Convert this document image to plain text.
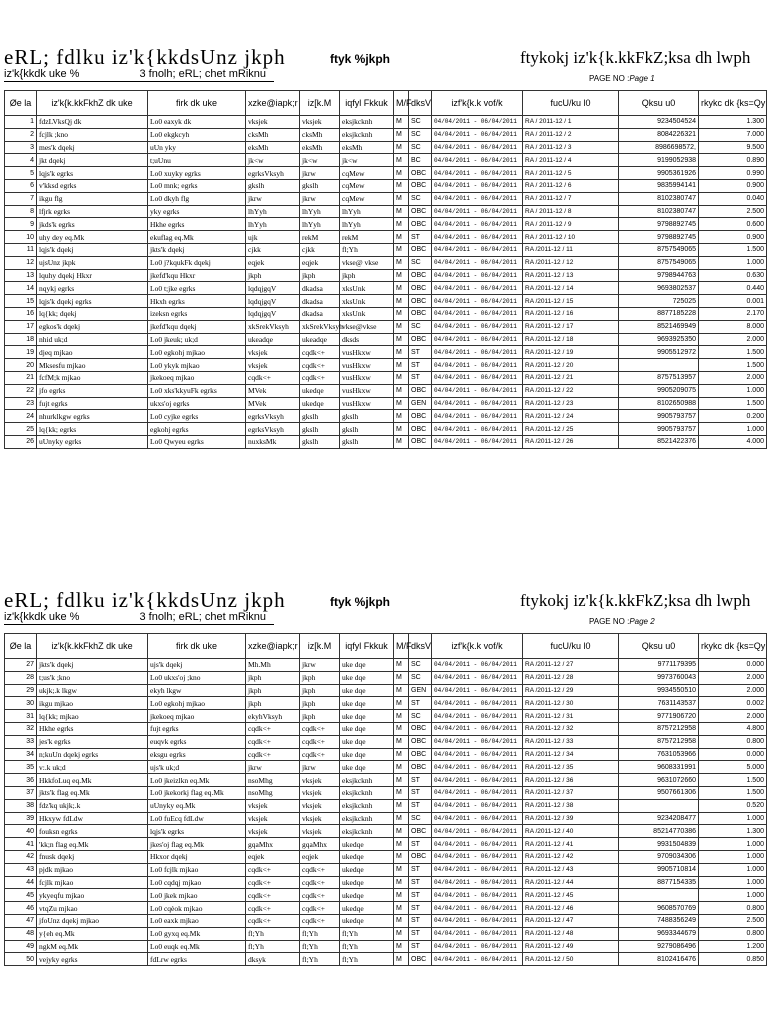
eRL; fdlku iz'k{kkdsUnz jkph
iz'k{kkdk uke %	3 fnolh; eRL; chet mRiknu
ftyk %jkph	ftykokj iz'k{k.kkFkZ;ksa dh lwph
PAGE NO :Page 1
Øe la	iz'k{k.kkFkhZ dk uke	firk dk uke	xzke@iapk;r	iz[k.M	iqfyl Fkkuk	M/F	dksV	izf'k{k.k vof/k	fucU/ku l0	Qksu u0	rkykc dk {ks=Qy
1	fdzLVksQj dk	Lo0 eaxyk dk	vksjek	vksjek	eksjkcknh	M	SC	04/04/2011 - 06/04/2011	RA / 2011-12 / 1	9234504524	1.300
2	fcjlk ;kno	Lo0 ekgkcyh	cksMh	cksMh	eksjkcknh	M	SC	04/04/2011 - 06/04/2011	RA / 2011-12 / 2	8084226321	7.000
3	mes'k dqekj	uUn yky	eksMh	eksMh	eksMh	M	SC	04/04/2011 - 06/04/2011	RA / 2011-12 / 3	8986698572,	9.500
4	jkt dqekj	t;uUnu	jk<w	jk<w	jk<w	M	BC	04/04/2011 - 06/04/2011	RA / 2011-12 / 4	9199052938	0.890
5	lqjs'k egrks	Lo0 xuyky egrks	egrksVksyh	jkrw	cqMew	M	OBC	04/04/2011 - 06/04/2011	RA / 2011-12 / 5	9905361926	0.990
6	v'kksd egrks	Lo0 mnk; egrks	gkslh	gkslh	cqMew	M	OBC	04/04/2011 - 06/04/2011	RA / 2011-12 / 6	9835994141	0.900
7	ikgu flg	Lo0 dkyh flg	jkrw	jkrw	cqMew	M	SC	04/04/2011 - 06/04/2011	RA / 2011-12 / 7	8102380747	0.040
8	lfjrk egrks	yky egrks	lhYyh	lhYyh	lhYyh	M	OBC	04/04/2011 - 06/04/2011	RA / 2011-12 / 8	8102380747	2.500
9	jkds'k egrks	Hkhe egrks	lhYyh	lhYyh	lhYyh	M	OBC	04/04/2011 - 06/04/2011	RA / 2011-12 / 9	9798892745	0.600
10	uhy dey eq.Mk	ekuflag eq.Mk	ujk	rekM	rekM	M	ST	04/04/2011 - 06/04/2011	RA / 2011-12 / 10	9798892745	0.900
11	lqjs'k dqekj	jkts'k dqekj	cjkk	cjkk	fl;Yh	M	OBC	04/04/2011 - 06/04/2011	RA /2011-12 / 11	8757549065	1.500
12	ujsUnz jkpk	Lo0 j?kqukFk dqekj	eqjek	eqjek	vkse@ vkse	M	SC	04/04/2011 - 06/04/2011	RA /2011-12 / 12	8757549065	1.000
13	lquhy dqekj Hkxr	jkefd'kqu Hkxr	jkph	jkph	jkph	M	OBC	04/04/2011 - 06/04/2011	RA /2011-12 / 13	9798944763	0.630
14	nqykj egrks	Lo0 t;jke egrks	lqdqjgqV	dkadsa	xksUnk	M	OBC	04/04/2011 - 06/04/2011	RA /2011-12 / 14	9693802537	0.440
15	lqjs'k dqekj egrks	Hkxh egrks	lqdqjgqV	dkadsa	xksUnk	M	OBC	04/04/2011 - 06/04/2011	RA /2011-12 / 15	725025	0.001
16	lq{kk; dqekj	izeksn egrks	lqdqjgqV	dkadsa	xksUnk	M	OBC	04/04/2011 - 06/04/2011	RA /2011-12 / 16	8877185228	2.170
17	egkos'k dqekj	jkefd'kqu dqekj	xkSrekVksyh	xkSrekVksyh	vkse@vkse	M	SC	04/04/2011 - 06/04/2011	RA /2011-12 / 17	8521469949	8.000
18	nhid uk;d	Lo0 jkeuk; uk;d	ukeadqe	ukeadqe	dksds	M	OBC	04/04/2011 - 06/04/2011	RA /2011-12 / 18	9693925350	2.000
19	djeq mjkao	Lo0 egkohj mjkao	vksjek	cqdk<+	vusHkxw	M	ST	04/04/2011 - 06/04/2011	RA /2011-12 / 19	9905512972	1.500
20	Mksesfu mjkao	Lo0 ykyk mjkao	vksjek	cqdk<+	vusHkxw	M	ST	04/04/2011 - 06/04/2011	RA /2011-12 / 20		1.500
21	fcfM;k mjkao	jkekoeq mjkao	cqdk<+	cqdk<+	vusHkxw	M	ST	04/04/2011 - 06/04/2011	RA /2011-12 / 21	8757513957	2.000
22	jfo egrks	Lo0 xks'kkyuFk egrks	MVek	ukedqe	vusHkxw	M	OBC	04/04/2011 - 06/04/2011	RA /2011-12 / 22	9905209075	1.000
23	fujt egrks	ukxs'oj egrks	MVek	ukedqe	vusHkxw	M	GEN	04/04/2011 - 06/04/2011	RA /2011-12 / 23	8102650988	1.500
24	nhurklkgw egrks	Lo0 cyjke egrks	egrksVksyh	gkslh	gkslh	M	OBC	04/04/2011 - 06/04/2011	RA /2011-12 / 24	9905793757	0.200
25	lq{kk; egrks	egkohj egrks	egrksVksyh	gkslh	gkslh	M	OBC	04/04/2011 - 06/04/2011	RA /2011-12 / 25	9905793757	1.000
26	uUnyky egrks	Lo0 Qwyeu egrks	nuxksMk	gkslh	gkslh	M	OBC	04/04/2011 - 06/04/2011	RA /2011-12 / 26	8521422376	4.000
eRL; fdlku iz'k{kkdsUnz jkph
iz'k{kkdk uke %	3 fnolh; eRL; chet mRiknu
ftyk %jkph	ftykokj iz'k{k.kkFkZ;ksa dh lwph
PAGE NO :Page 2
Øe la	iz'k{k.kkFkhZ dk uke	firk dk uke	xzke@iapk;r	iz[k.M	iqfyl Fkkuk	M/F	dksV	izf'k{k.k vof/k	fucU/ku l0	Qksu u0	rkykc dk {ks=Qy
27	jkts'k dqekj	ujs'k dqekj	Mh.Mh	jkrw	uke dqe	M	SC	04/04/2011 - 06/04/2011	RA /2011-12 / 27	9771179395	0.000
28	t;us'k ;kno	Lo0 ukxs'oj ;kno	jkph	jkph	uke dqe	M	SC	04/04/2011 - 06/04/2011	RA /2011-12 / 28	9973760043	2.000
29	ukjk;.k lkgw	ekyh lkgw	jkph	jkph	uke dqe	M	GEN	04/04/2011 - 06/04/2011	RA /2011-12 / 29	9934550510	2.000
30	ikgu mjkao	Lo0 egkohj mjkao	jkph	jkph	uke dqe	M	ST	04/04/2011 - 06/04/2011	RA /2011-12 / 30	7631143537	0.002
31	lq{kk; mjkao	jkekoeq mjkao	ekyhVksyh	jkph	uke dqe	M	SC	04/04/2011 - 06/04/2011	RA /2011-12 / 31	9771906720	2.000
32	Hkhe egrks	fujt egrks	cqdk<+	cqdk<+	uke dqe	M	OBC	04/04/2011 - 06/04/2011	RA /2011-12 / 32	8757212958	4.800
33	jes'k egrks	euqvk egrks	cqdk<+	cqdk<+	uke dqe	M	OBC	04/04/2011 - 06/04/2011	RA /2011-12 / 33	8757212958	0.800
34	n;kuUn dqekj egrks	eksgu egrks	cqdk<+	cqdk<+	uke dqe	M	OBC	04/04/2011 - 06/04/2011	RA /2011-12 / 34	7631053966	0.000
35	v:.k uk;d	ujs'k uk;d	jkrw	jkrw	uke dqe	M	OBC	04/04/2011 - 06/04/2011	RA /2011-12 / 35	9608331991	5.000
36	HkkfoLuq eq.Mk	Lo0 jkeizlkn eq.Mk	nsoMhg	vksjek	eksjkcknh	M	ST	04/04/2011 - 06/04/2011	RA /2011-12 / 36	9631072660	1.500
37	jkts'k flag eq.Mk	Lo0 jkekorkj flag eq.Mk	nsoMhg	vksjek	eksjkcknh	M	ST	04/04/2011 - 06/04/2011	RA /2011-12 / 37	9507661306	1.500
38	fdz'kq ukjk;.k	uUnyky eq.Mk	vksjek	vksjek	eksjkcknh	M	ST	04/04/2011 - 06/04/2011	RA /2011-12 / 38		0.520
39	Hkxyw fdLdw	Lo0 fuEcq fdLdw	vksjek	vksjek	eksjkcknh	M	SC	04/04/2011 - 06/04/2011	RA /2011-12 / 39	9234208477	1.000
40	fouksn egrks	lqjs'k egrks	vksjek	vksjek	eksjkcknh	M	OBC	04/04/2011 - 06/04/2011	RA /2011-12 / 40	85214770386	1.300
41	'kk;n flag eq.Mk	jkes'oj flag eq.Mk	gqaMhx	gqaMhx	ukedqe	M	ST	04/04/2011 - 06/04/2011	RA /2011-12 / 41	9931504839	1.000
42	fnusk dqekj	Hkxor dqekj	eqjek	eqjek	ukedqe	M	OBC	04/04/2011 - 06/04/2011	RA /2011-12 / 42	9709034306	1.000
43	pjdk mjkao	Lo0 fcjlk mjkao	cqdk<+	cqdk<+	ukedqe	M	ST	04/04/2011 - 06/04/2011	RA /2011-12 / 43	9905710814	1.000
44	fcjlk mjkao	Lo0 cqdqj mjkao	cqdk<+	cqdk<+	ukedqe	M	ST	04/04/2011 - 06/04/2011	RA /2011-12 / 44	8877154335	1.000
45	ykyeqfu mjkao	Lo0 jkek mjkao	cqdk<+	cqdk<+	ukedqe	M	ST	04/04/2011 - 06/04/2011	RA /2011-12 / 45		1.000
46	vtqZu mjkao	Lo0 cqèok mjkao	cqdk<+	cqdk<+	ukedqe	M	ST	04/04/2011 - 06/04/2011	RA /2011-12 / 46	9608570769	0.800
47	jfoUnz dqekj mjkao	Lo0 eaxk mjkao	cqdk<+	cqdk<+	ukedqe	M	ST	04/04/2011 - 06/04/2011	RA /2011-12 / 47	7488356249	2.500
48	y{eh eq.Mk	Lo0 gyxq eq.Mk	fl;Yh	fl;Yh	fl;Yh	M	ST	04/04/2011 - 06/04/2011	RA /2011-12 / 48	9693344679	0.800
49	ngkM eq.Mk	Lo0 euqk eq.Mk	fl;Yh	fl;Yh	fl;Yh	M	ST	04/04/2011 - 06/04/2011	RA /2011-12 / 49	9279086496	1.200
50	vejyky egrks	fdLrw egrks	dksyk	fl;Yh	fl;Yh	M	OBC	04/04/2011 - 06/04/2011	RA /2011-12 / 50	8102416476	0.850
